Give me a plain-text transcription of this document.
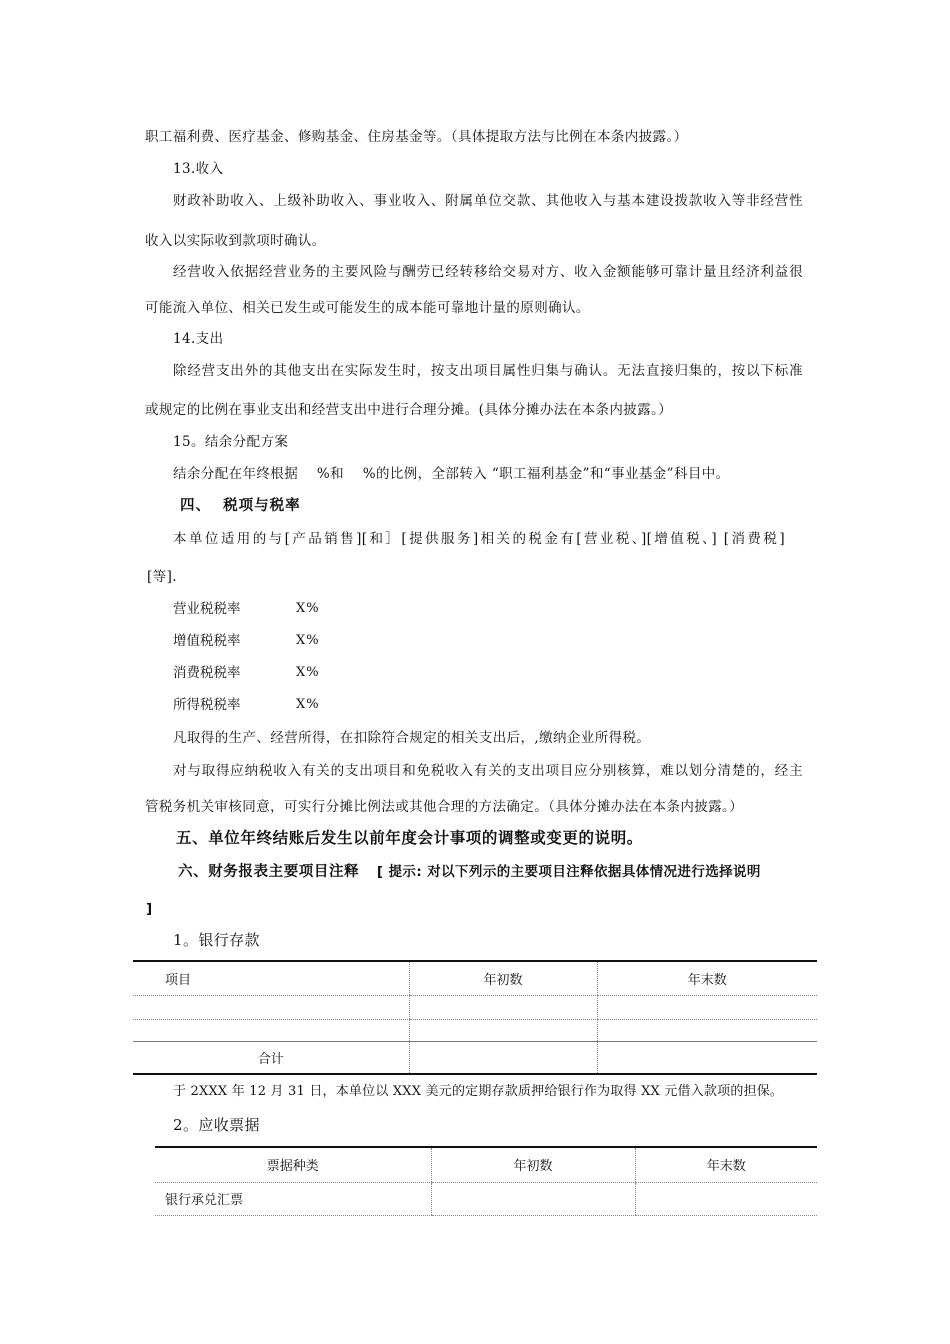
职工福利费、医疗基金、修购基金、住房基金等。（具体提取方法与比例在本条内披露。）
13.收入
财政补助收入、上级补助收入、事业收入、附属单位交款、其他收入与基本建设拨款收入等非经营性
收入以实际收到款项时确认。
经营收入依据经营业务的主要风险与酬劳已经转移给交易对方、收入金额能够可靠计量且经济利益很
可能流入单位、相关已发生或可能发生的成本能可靠地计量的原则确认。
14.支出
除经营支出外的其他支出在实际发生时，按支出项目属性归集与确认。无法直接归集的，按以下标准
或规定的比例在事业支出和经营支出中进行合理分摊。(具体分摊办法在本条内披露。）
15。结余分配方案
结余分配在年终根据    %和    %的比例，全部转入 “职工福利基金”和“事业基金”科目中。
四、  税项与税率
本单位适用的与[产品销售][和］[提供服务]相关的税金有[营业税、][增值税、] [消费税]
[等].
营业税税率	X%
增值税税率	X%
消费税税率	X%
所得税税率	X%
凡取得的生产、经营所得，在扣除符合规定的相关支出后，,缴纳企业所得税。
对与取得应纳税收入有关的支出项目和免税收入有关的支出项目应分别核算，难以划分清楚的，经主
管税务机关审核同意，可实行分摊比例法或其他合理的方法确定。（具体分摊办法在本条内披露。）
五、单位年终结账后发生以前年度会计事项的调整或变更的说明。
六、财务报表主要项目注释 [ 提示: 对以下列示的主要项目注释依据具体情况进行选择说明
]
1。银行存款
项目	年初数	年末数

合计		
于 2XXX 年 12 月 31 日，本单位以 XXX 美元的定期存款质押给银行作为取得 XX 元借入款项的担保。
2。应收票据
票据种类	年初数	年末数
银行承兑汇票		
